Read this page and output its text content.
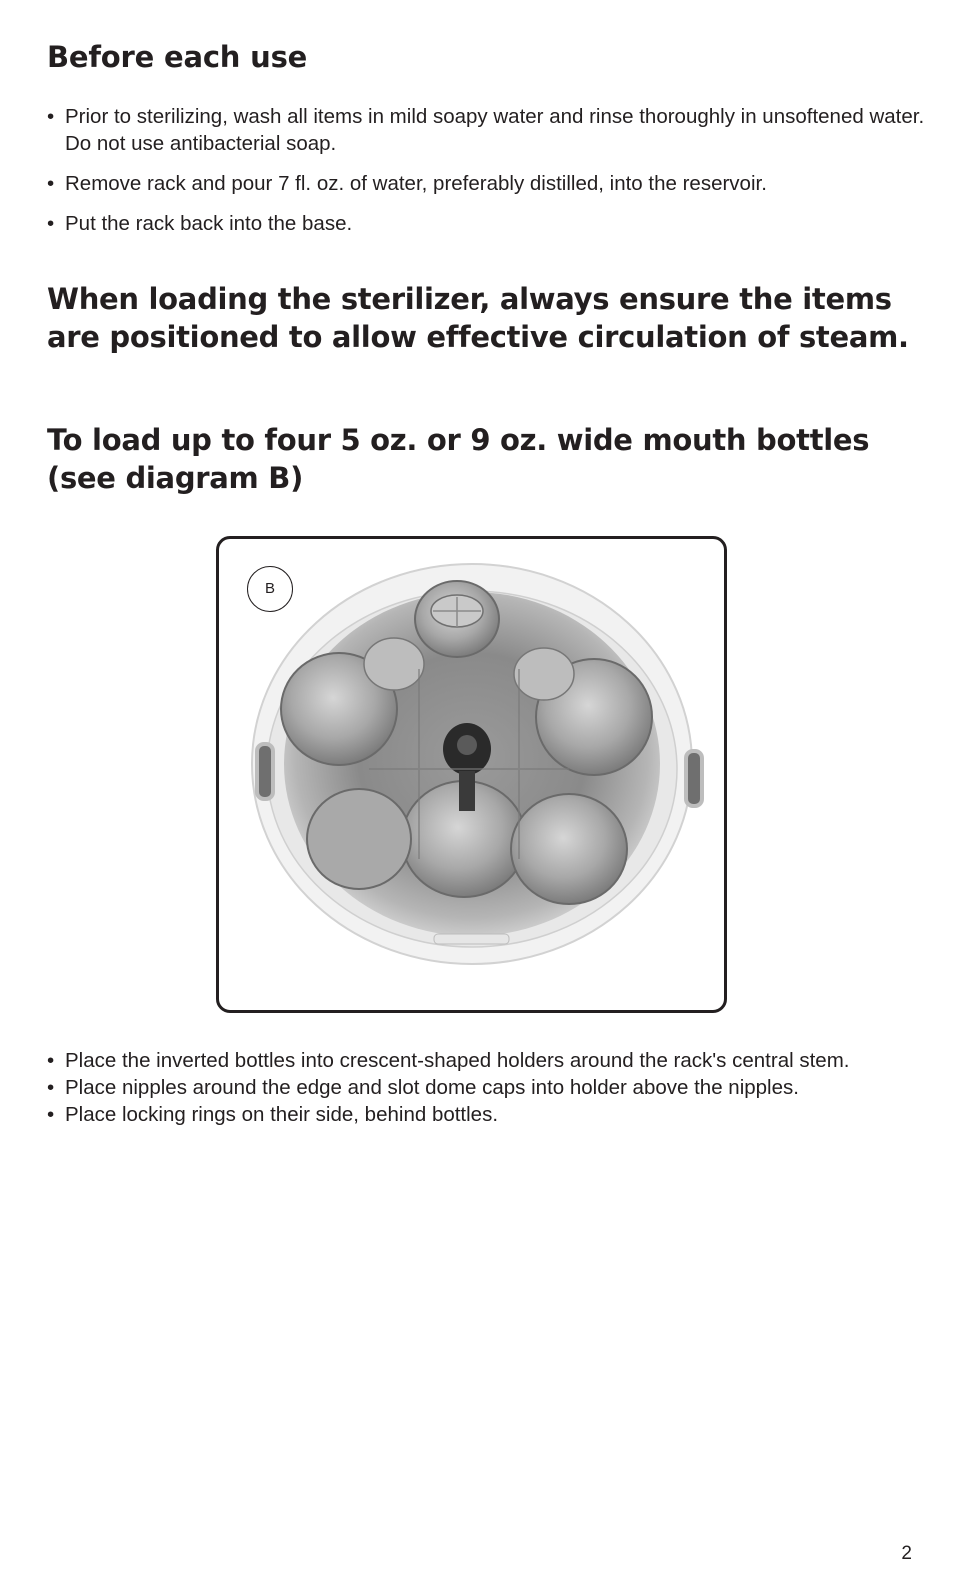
Before each use
• Prior to sterilizing, wash all items in mild soapy water and rinse thoroughly in unsoftened water. Do not use antibacterial soap.
• Remove rack and pour 7 fl. oz. of water, preferably distilled, into the reservoir.
• Put the rack back into the base.
When loading the sterilizer, always ensure the items are positioned to allow effective circulation of steam.
To load up to four 5 oz. or 9 oz. wide mouth bottles (see diagram B)
B
• Place the inverted bottles into crescent-shaped holders around the rack's central stem.
• Place nipples around the edge and slot dome caps into holder above the nipples.
• Place locking rings on their side, behind bottles.
2
